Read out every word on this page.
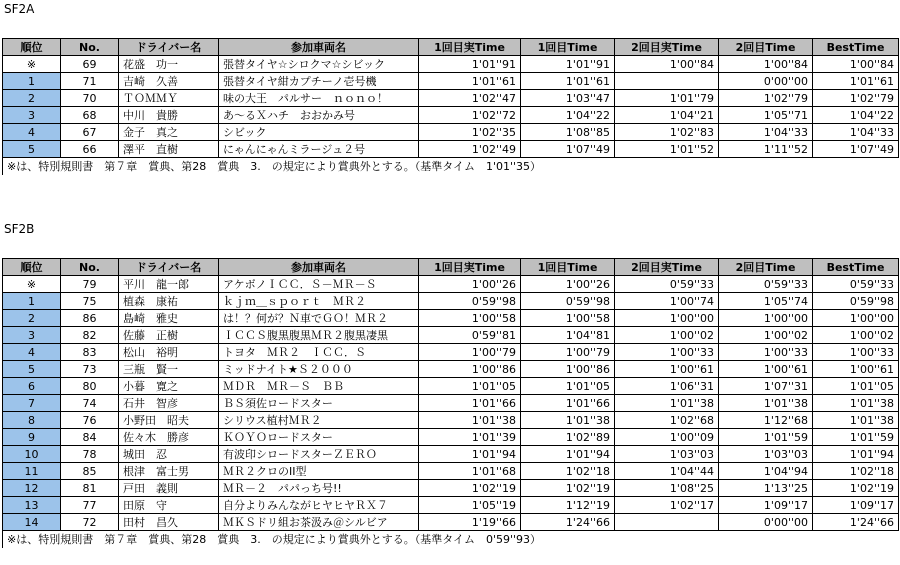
SF2A
順位	No.	ドライバー名	参加車両名	1回目実Time	1回目Time	2回目実Time	2回目Time	BestTime
※	69	花盛　功一	張替タイヤ☆シロクマ☆シビック	1'01''91	1'01''91	1'00''84	1'00''84	1'00''84
1	71	吉崎　久善	張替タイヤ紺カプチーノ壱号機	1'01''61	1'01''61		0'00''00	1'01''61
2	70	ＴＯＭＭＹ	味の大王　パルサー　ｎｏｎｏ！	1'02''47	1'03''47	1'01''79	1'02''79	1'02''79
3	68	中川　貴勝	あ～るＸハチ　おおかみ号	1'02''72	1'04''22	1'04''21	1'05''71	1'04''22
4	67	金子　真之	シビック	1'02''35	1'08''85	1'02''83	1'04''33	1'04''33
5	66	澤平　直樹	にゃんにゃんミラージュ２号	1'02''49	1'07''49	1'01''52	1'11''52	1'07''49
※は、特別規則書　第７章　賞典、第28　賞典　3.　の規定により賞典外とする。（基準タイム　1'01''35）								
SF2B
順位	No.	ドライバー名	参加車両名	1回目実Time	1回目Time	2回目実Time	2回目Time	BestTime
※	79	平川　龍一郎	アケボノＩＣＣ．Ｓ－ＭＲ－Ｓ	1'00''26	1'00''26	0'59''33	0'59''33	0'59''33
1	75	植森　康祐	ｋｊｍ＿ｓｐｏｒｔ　ＭＲ２	0'59''98	0'59''98	1'00''74	1'05''74	0'59''98
2	86	島崎　雅史	は！？何が？Ｎ車でＧＯ！ＭＲ２	1'00''58	1'00''58	1'00''00	1'00''00	1'00''00
3	82	佐藤　正樹	ＩＣＣＳ腹黒腹黒ＭＲ２腹黒凄黒	0'59''81	1'04''81	1'00''02	1'00''02	1'00''02
4	83	松山　裕明	トヨタ　ＭＲ２　ＩＣＣ．Ｓ	1'00''79	1'00''79	1'00''33	1'00''33	1'00''33
5	73	三瓶　賢一	ミッドナイト★Ｓ２０００	1'00''86	1'00''86	1'00''61	1'00''61	1'00''61
6	80	小暮　寛之	ＭＤＲ　ＭＲ－Ｓ　ＢＢ	1'01''05	1'01''05	1'06''31	1'07''31	1'01''05
7	74	石井　智彦	ＢＳ須佐ロードスター	1'01''66	1'01''66	1'01''38	1'01''38	1'01''38
8	76	小野田　昭夫	シリウス植村ＭＲ２	1'01''38	1'01''38	1'02''68	1'12''68	1'01''38
9	84	佐々木　勝彦	ＫＯＹＯロードスター	1'01''39	1'02''89	1'00''09	1'01''59	1'01''59
10	78	城田　忍	有波印シロードスターＺＥＲＯ	1'01''94	1'01''94	1'03''03	1'03''03	1'01''94
11	85	根津　富士男	ＭＲ２クロのII型	1'01''68	1'02''18	1'04''44	1'04''94	1'02''18
12	81	戸田　義則	ＭＲ－２　パパっち号!!	1'02''19	1'02''19	1'08''25	1'13''25	1'02''19
13	77	田原　守	自分よりみんながヒヤヒヤＲＸ７	1'05''19	1'12''19	1'02''17	1'09''17	1'09''17
14	72	田村　昌久	ＭＫＳドリ組お茶汲み＠シルビア	1'19''66	1'24''66		0'00''00	1'24''66
※は、特別規則書　第７章　賞典、第28　賞典　3.　の規定により賞典外とする。（基準タイム　0'59''93）								
